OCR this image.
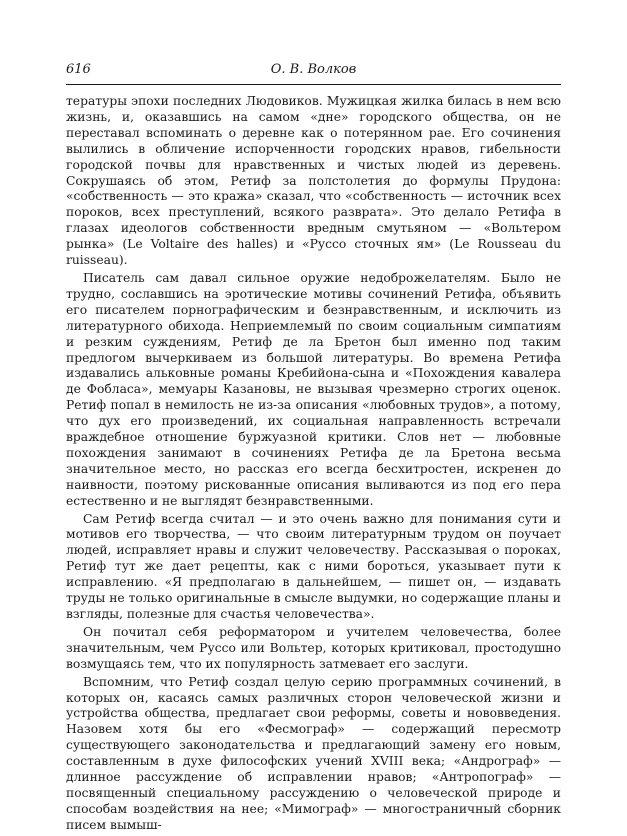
616	О. В. Волков

тературы эпохи последних Людовиков. Мужицкая жилка билась в нем всю жизнь, и, оказавшись на самом «дне» городского общества, он не переставал вспоминать о деревне как о потерянном рае. Его сочинения вылились в обличение испорченности городских нравов, гибельности городской почвы для нравственных и чистых людей из деревень. Сокрушаясь об этом, Ретиф за полстолетия до формулы Прудона: «собственность — это кража» сказал, что «собственность — источник всех пороков, всех преступлений, всякого разврата». Это делало Ретифа в глазах идеологов собственности вредным смутьяном — «Вольтером рынка» (Le Voltaire des halles) и «Руссо сточных ям» (Le Rousseau du ruisseau).

Писатель сам давал сильное оружие недоброжелателям. Было не трудно, сославшись на эротические мотивы сочинений Ретифа, объявить его писателем порнографическим и безнравственным, и исключить из литературного обихода. Неприемлемый по своим социальным симпатиям и резким суждениям, Ретиф де ла Бретон был именно под таким предлогом вычеркиваем из большой литературы. Во времена Ретифа издавались альковные романы Кребийона-сына и «Похождения кавалера де Фобласа», мемуары Казановы, не вызывая чрезмерно строгих оценок. Ретиф попал в немилость не из-за описания «любовных трудов», а потому, что дух его произведений, их социальная направленность встречали враждебное отношение буржуазной критики. Слов нет — любовные похождения занимают в сочинениях Ретифа де ла Бретона весьма значительное место, но рассказ его всегда бесхитростен, искренен до наивности, поэтому рискованные описания выливаются из под его пера естественно и не выглядят безнравственными.

Сам Ретиф всегда считал — и это очень важно для понимания сути и мотивов его творчества, — что своим литературным трудом он поучает людей, исправляет нравы и служит человечеству. Рассказывая о пороках, Ретиф тут же дает рецепты, как с ними бороться, указывает пути к исправлению. «Я предполагаю в дальнейшем, — пишет он, — издавать труды не только оригинальные в смысле выдумки, но содержащие планы и взгляды, полезные для счастья человечества».

Он почитал себя реформатором и учителем человечества, более значительным, чем Руссо или Вольтер, которых критиковал, простодушно возмущаясь тем, что их популярность затмевает его заслуги.

Вспомним, что Ретиф создал целую серию программных сочинений, в которых он, касаясь самых различных сторон человеческой жизни и устройства общества, предлагает свои реформы, советы и нововведения. Назовем хотя бы его «Фесмограф» — содержащий пересмотр существующего законодательства и предлагающий замену его новым, составленным в духе философских учений XVIII века; «Андрограф» — длинное рассуждение об исправлении нравов; «Антропограф» — посвященный специальному рассуждению о человеческой природе и способам воздействия на нее; «Мимограф» — многостраничный сборник писем вымыш-
